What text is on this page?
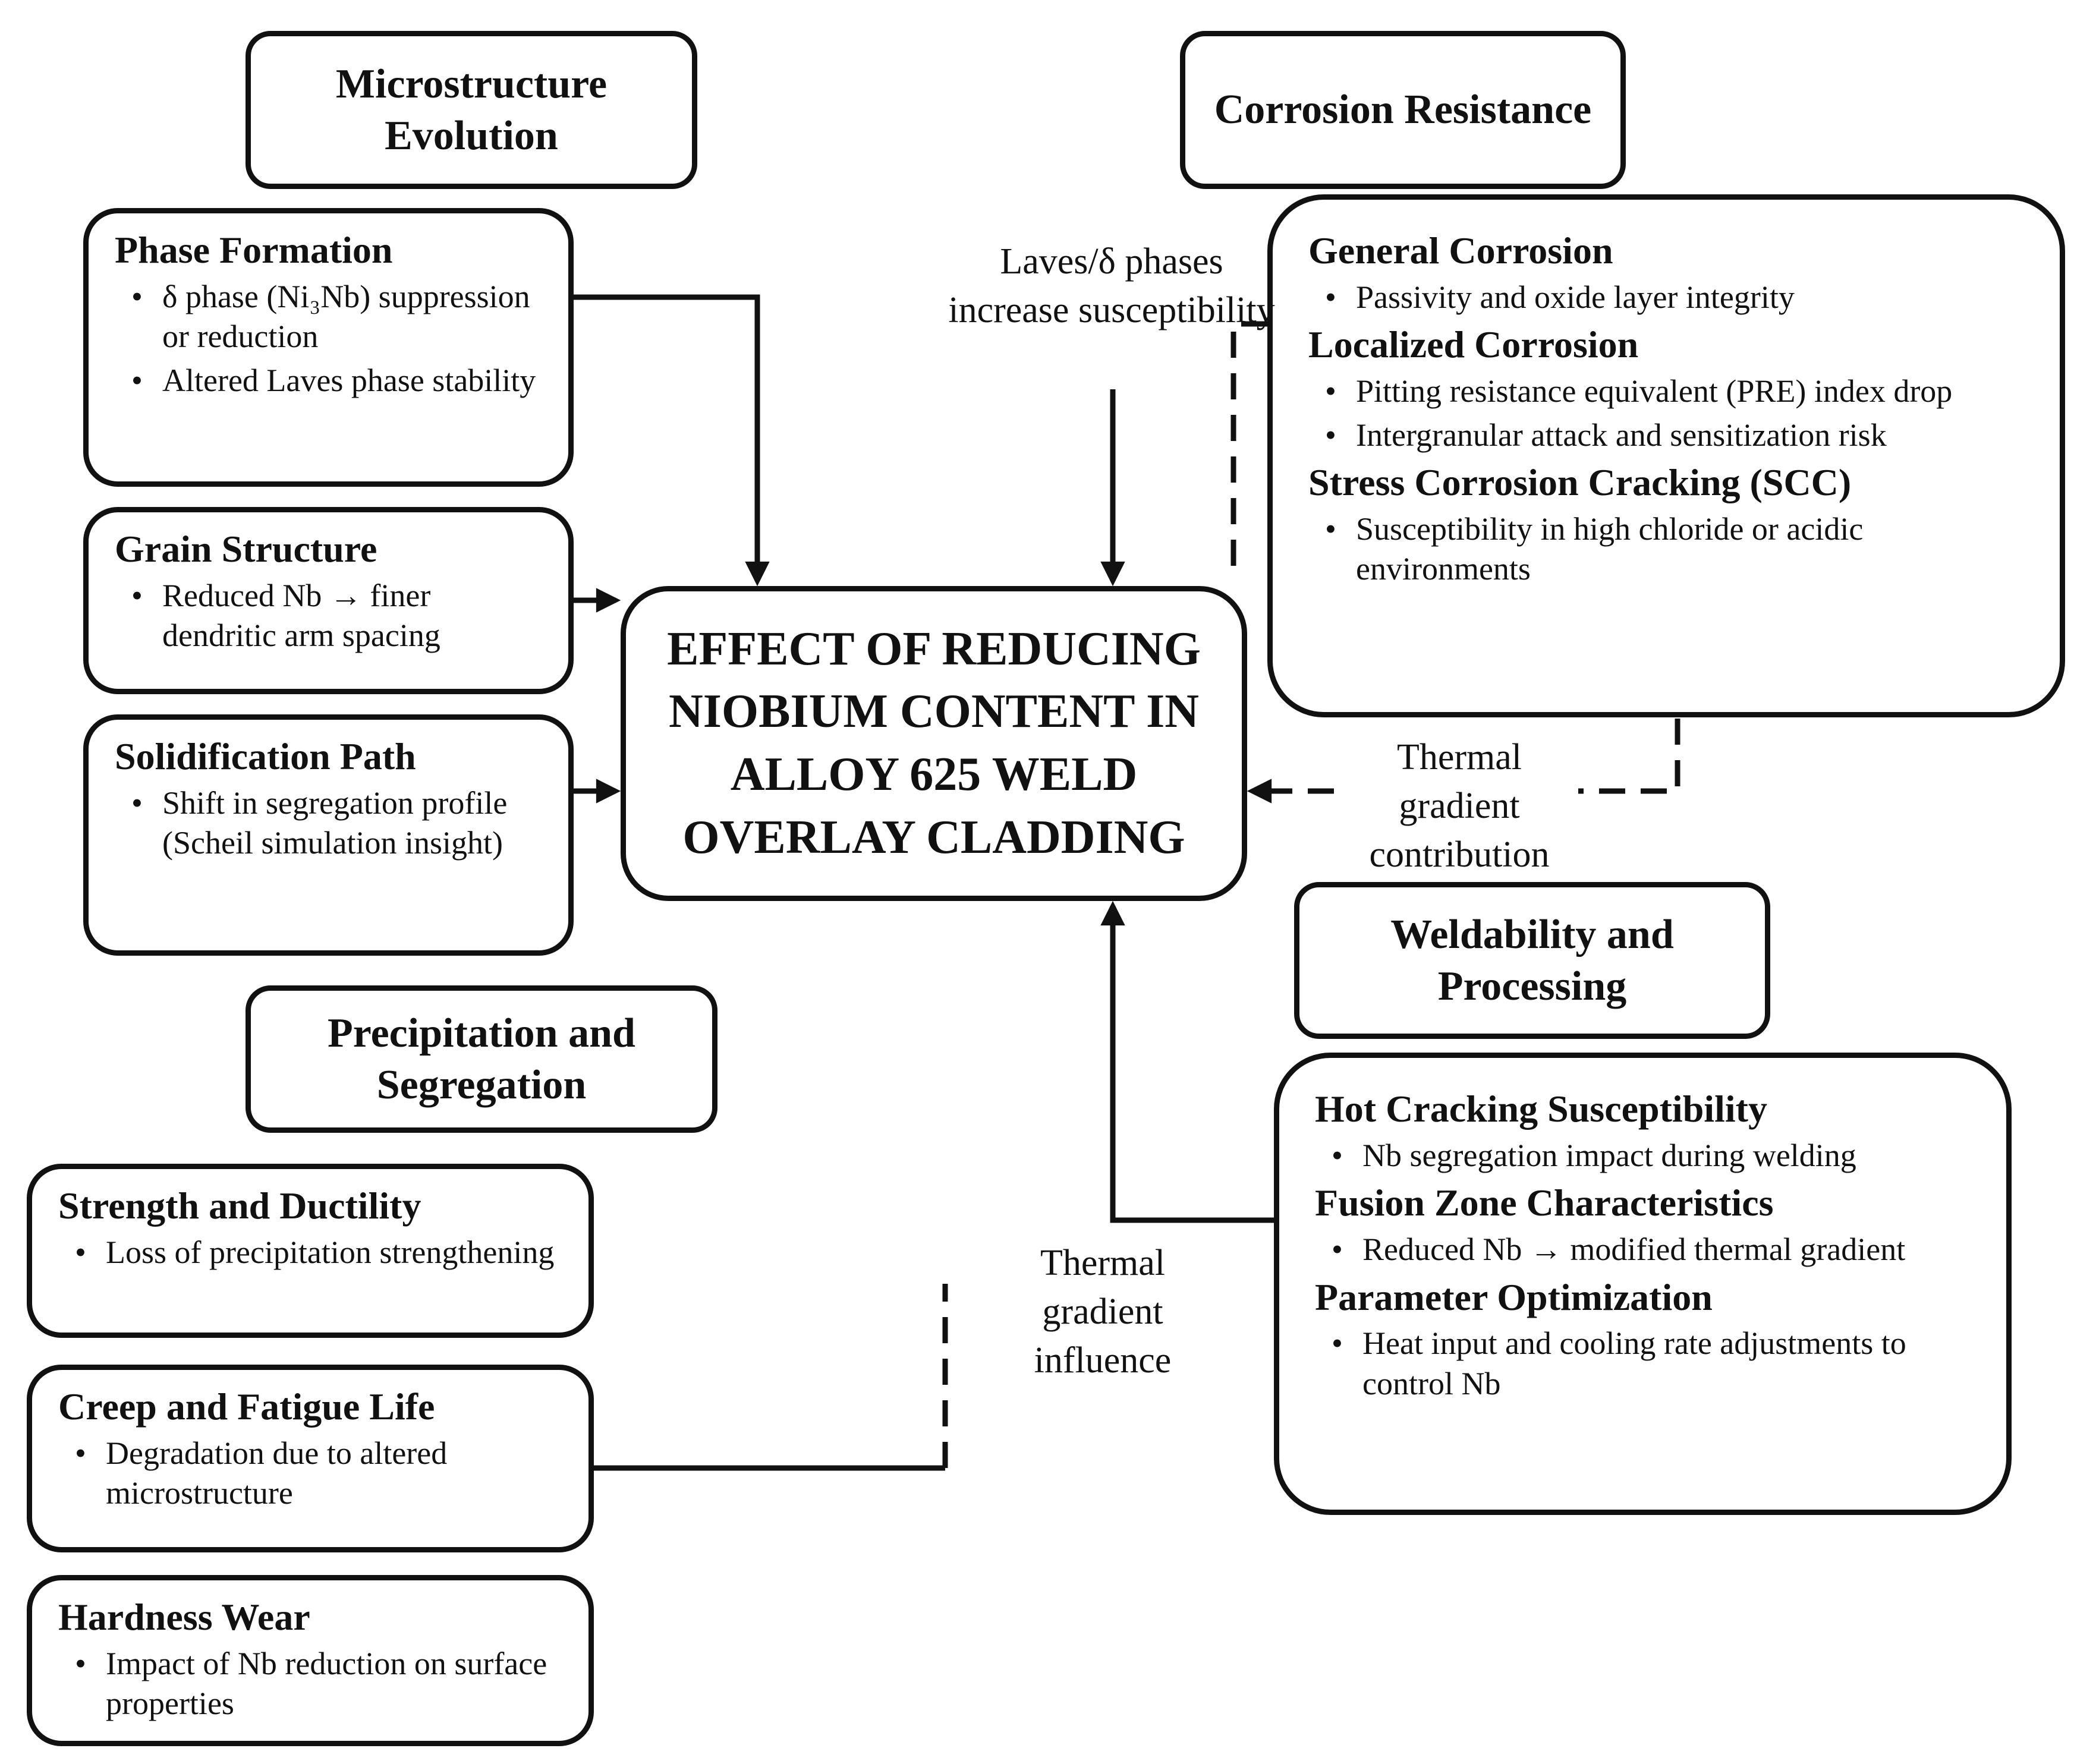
Microstructure Evolution
Corrosion Resistance
Weldability and Processing
Precipitation and Segregation
Phase Formation
• δ phase (Ni₃Nb) suppression or reduction
• Altered Laves phase stability
Grain Structure
• Reduced Nb → finer dendritic arm spacing
Solidification Path
• Shift in segregation profile (Scheil simulation insight)
EFFECT OF REDUCING NIOBIUM CONTENT IN ALLOY 625 WELD OVERLAY CLADDING
General Corrosion
• Passivity and oxide layer integrity
Localized Corrosion
• Pitting resistance equivalent (PRE) index drop
• Intergranular attack and sensitization risk
Stress Corrosion Cracking (SCC)
• Susceptibility in high chloride or acidic environments
Hot Cracking Susceptibility
• Nb segregation impact during welding
Fusion Zone Characteristics
• Reduced Nb → modified thermal gradient
Parameter Optimization
• Heat input and cooling rate adjustments to control Nb
Strength and Ductility
• Loss of precipitation strengthening
Creep and Fatigue Life
• Degradation due to altered microstructure
Hardness Wear
• Impact of Nb reduction on surface properties
Laves/δ phases increase susceptibility
Thermal gradient contribution
Thermal gradient influence
